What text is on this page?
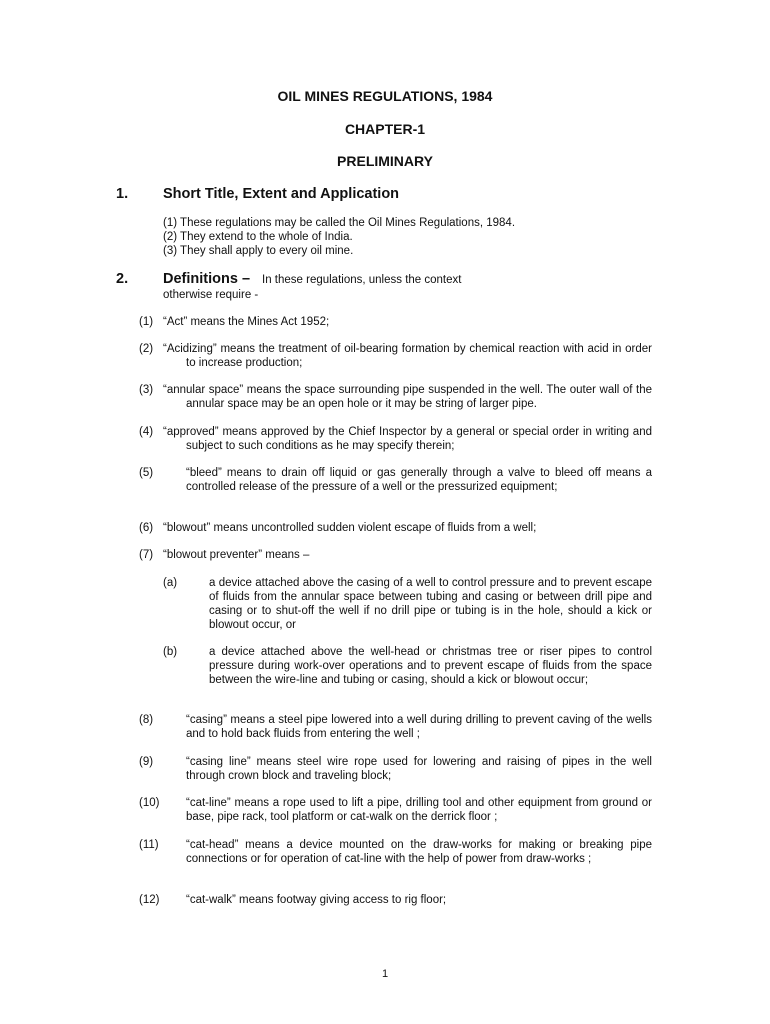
OIL MINES REGULATIONS, 1984
CHAPTER-1
PRELIMINARY
1. Short Title, Extent and Application
(1) These regulations may be called the Oil Mines Regulations, 1984.
(2) They extend to the whole of India.
(3) They shall apply to every oil mine.
2. Definitions – In these regulations, unless the context
otherwise require -
(1) “Act” means the Mines Act 1952;
(2) “Acidizing” means the treatment of oil-bearing formation by chemical reaction with acid in order to increase production;
(3) “annular space” means the space surrounding pipe suspended in the well. The outer wall of the annular space may be an open hole or it may be string of larger pipe.
(4) “approved” means approved by the Chief Inspector by a general or special order in writing and subject to such conditions as he may specify therein;
(5)	“bleed” means to drain off liquid or gas generally through a valve to bleed off means a controlled release of the pressure of a well or the pressurized equipment;
(6) “blowout” means uncontrolled sudden violent escape of fluids from a well;
(7) “blowout preventer” means –
(a)	a device attached above the casing of a well to control pressure and to prevent escape of fluids from the annular space between tubing and casing or between drill pipe and casing or to shut-off the well if no drill pipe or tubing is in the hole, should a kick or blowout occur, or
(b)	a device attached above the well-head or christmas tree or riser pipes to control pressure during work-over operations and to prevent escape of fluids from the space between the wire-line and tubing or casing, should a kick or blowout occur;
(8)	“casing” means a steel pipe lowered into a well during drilling to prevent caving of the wells and to hold back fluids from entering the well ;
(9)	“casing line” means steel wire rope used for lowering and raising of pipes in the well through crown block and traveling block;
(10) “cat-line” means a rope used to lift a pipe, drilling tool and other equipment from ground or base, pipe rack, tool platform or cat-walk on the derrick floor ;
(11) “cat-head” means a device mounted on the draw-works for making or breaking pipe connections or for operation of cat-line with the help of power from draw-works ;
(12) “cat-walk” means footway giving access to rig floor;
1
